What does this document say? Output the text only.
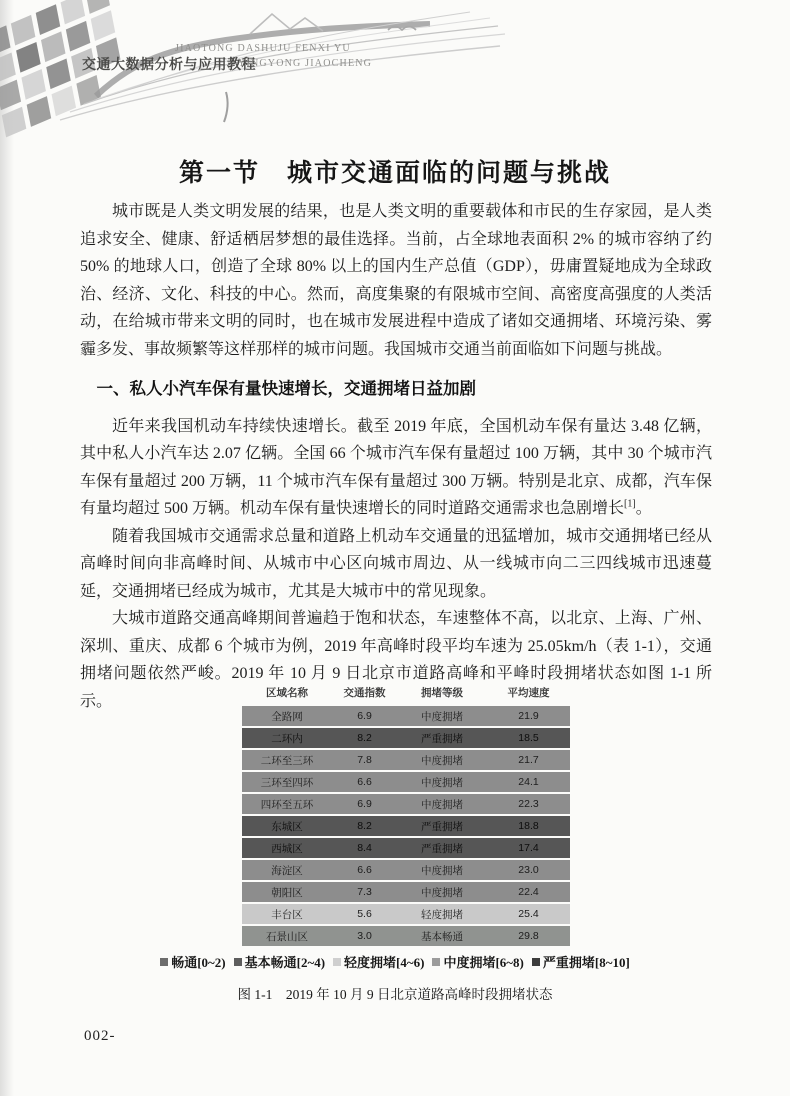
JIAOTONG DASHUJU FENXI YU
交通大数据分析与应用教程
YINGYONG JIAOCHENG
第一节　城市交通面临的问题与挑战

城市既是人类文明发展的结果，也是人类文明的重要载体和市民的生存家园，是人类追求安全、健康、舒适栖居梦想的最佳选择。当前，占全球地表面积 2% 的城市容纳了约 50% 的地球人口，创造了全球 80% 以上的国内生产总值（GDP），毋庸置疑地成为全球政治、经济、文化、科技的中心。然而，高度集聚的有限城市空间、高密度高强度的人类活动，在给城市带来文明的同时，也在城市发展进程中造成了诸如交通拥堵、环境污染、雾霾多发、事故频繁等这样那样的城市问题。我国城市交通当前面临如下问题与挑战。

一、私人小汽车保有量快速增长，交通拥堵日益加剧

近年来我国机动车持续快速增长。截至 2019 年底，全国机动车保有量达 3.48 亿辆，其中私人小汽车达 2.07 亿辆。全国 66 个城市汽车保有量超过 100 万辆，其中 30 个城市汽车保有量超过 200 万辆，11 个城市汽车保有量超过 300 万辆。特别是北京、成都，汽车保有量均超过 500 万辆。机动车保有量快速增长的同时道路交通需求也急剧增长[1]。

随着我国城市交通需求总量和道路上机动车交通量的迅猛增加，城市交通拥堵已经从高峰时间向非高峰时间、从城市中心区向城市周边、从一线城市向二三四线城市迅速蔓延，交通拥堵已经成为城市，尤其是大城市中的常见现象。

大城市道路交通高峰期间普遍趋于饱和状态，车速整体不高，以北京、上海、广州、深圳、重庆、成都 6 个城市为例，2019 年高峰时段平均车速为 25.05km/h（表 1-1），交通拥堵问题依然严峻。2019 年 10 月 9 日北京市道路高峰和平峰时段拥堵状态如图 1-1 所示。	区域名称	交通指数	拥堵等级	平均速度
全路网	6.9	中度拥堵	21.9
二环内	8.2	严重拥堵	18.5
二环至三环	7.8	中度拥堵	21.7
三环至四环	6.6	中度拥堵	24.1
四环至五环	6.9	中度拥堵	22.3
东城区	8.2	严重拥堵	18.8
西城区	8.4	严重拥堵	17.4
海淀区	6.6	中度拥堵	23.0
朝阳区	7.3	中度拥堵	22.4
丰台区	5.6	轻度拥堵	25.4
石景山区	3.0	基本畅通	29.8
畅通[0~2) 基本畅通[2~4) 轻度拥堵[4~6) 中度拥堵[6~8) 严重拥堵[8~10]
图 1-1　2019 年 10 月 9 日北京道路高峰时段拥堵状态
002-
